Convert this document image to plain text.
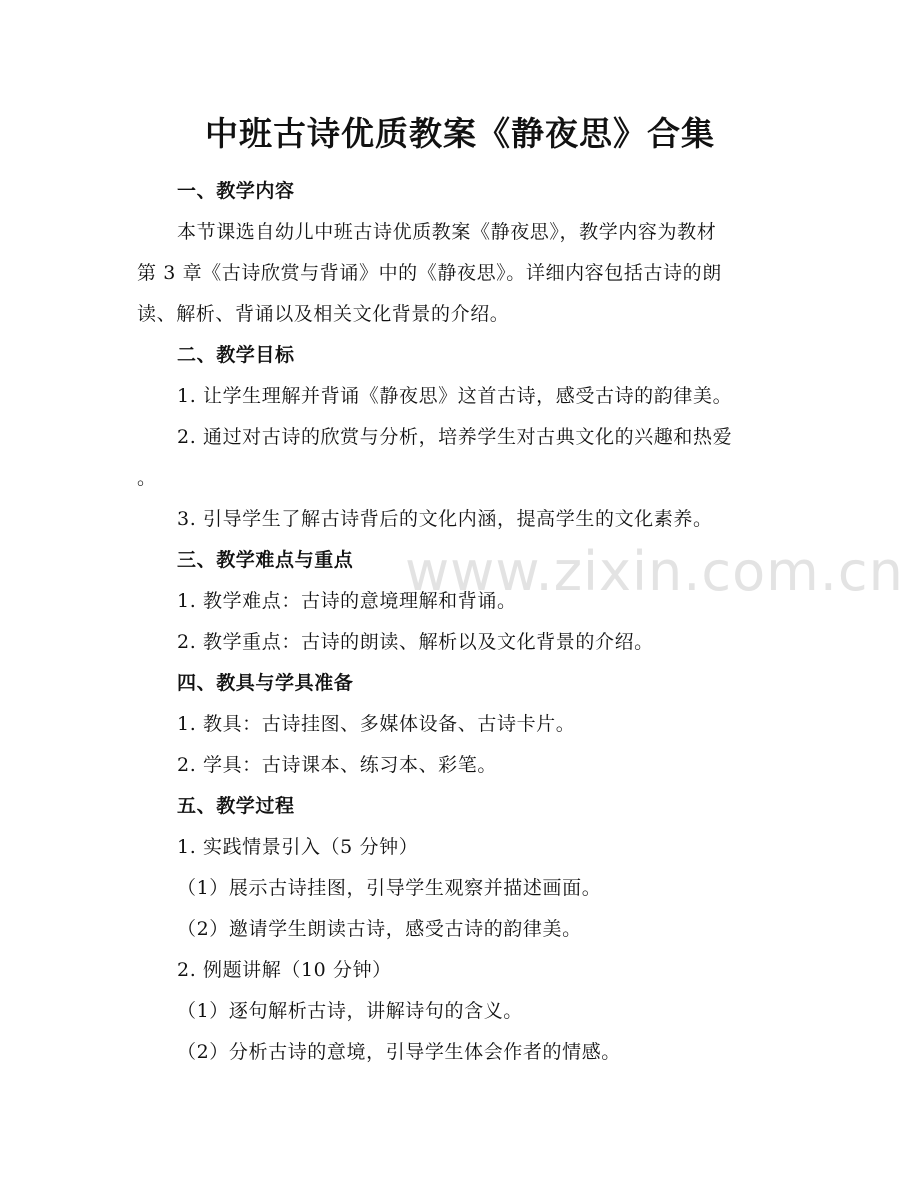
www.zixin.com.cn
中班古诗优质教案《静夜思》合集
一、教学内容
本节课选自幼儿中班古诗优质教案《静夜思》，教学内容为教材
第 3 章《古诗欣赏与背诵》中的《静夜思》。详细内容包括古诗的朗
读、解析、背诵以及相关文化背景的介绍。
二、教学目标
1. 让学生理解并背诵《静夜思》这首古诗，感受古诗的韵律美。
2. 通过对古诗的欣赏与分析，培养学生对古典文化的兴趣和热爱
。
3. 引导学生了解古诗背后的文化内涵，提高学生的文化素养。
三、教学难点与重点
1. 教学难点：古诗的意境理解和背诵。
2. 教学重点：古诗的朗读、解析以及文化背景的介绍。
四、教具与学具准备
1. 教具：古诗挂图、多媒体设备、古诗卡片。
2. 学具：古诗课本、练习本、彩笔。
五、教学过程
1. 实践情景引入（5 分钟）
（1）展示古诗挂图，引导学生观察并描述画面。
（2）邀请学生朗读古诗，感受古诗的韵律美。
2. 例题讲解（10 分钟）
（1）逐句解析古诗，讲解诗句的含义。
（2）分析古诗的意境，引导学生体会作者的情感。
